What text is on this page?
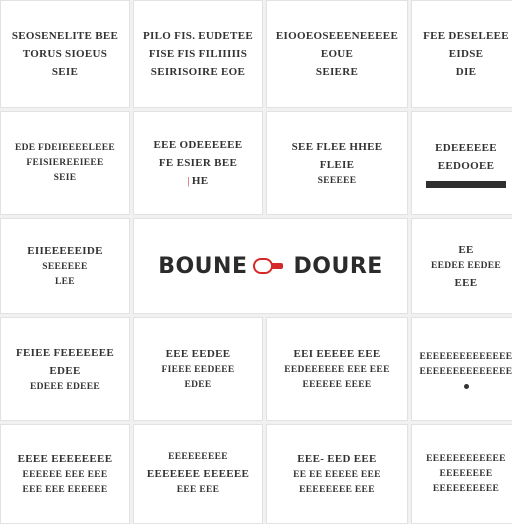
SEOSENELITE BEE
TORUS SIOEUS
SEIE
PILO FIS. EUDETEE
FISE FIS FILIIIIIS
SEIRISOIRE EOE
EIOOEOSEEENEEEEE
EOUE
SEIERE
FEE DESELEEE
EIDSE
DIE
EDE FDEIEEEELEEE
FEISIEREEIEEE
SEIE
EEE ODEEEEEE
FE ESIER BEE
| HE
SEE FLEE HHEE
FLEIE
SEEEEE
EDEEEEEE
EEDOOEE
EIIEEEEEIDE
SEEEEEE
LEE
BOUNE DOURE
EE
EEDEE EEDEE
EEE
FEIEE FEEEEEEE
EDEE
EDEEE EDEEE
EEE EEDEE
FIEEE EEDEEE
EDEE
EEI EEEEE EEE
EEDEEEEEE EEE EEE
EEEEEE EEEE
EEEEEEEEEEEEEE
EEEEEEEEEEEEEE
EEEE EEEEEEEE
EEEEEE EEE EEE
EEE EEE EEEEEE
EEEEEEEEE
EEEEEEE EEEEEE
EEE EEE
EEE- EED EEE
EE EE EEEEE EEE
EEEEEEEE EEE
EEEEEEEEEEEE
EEEEEEEE
EEEEEEEEEE
